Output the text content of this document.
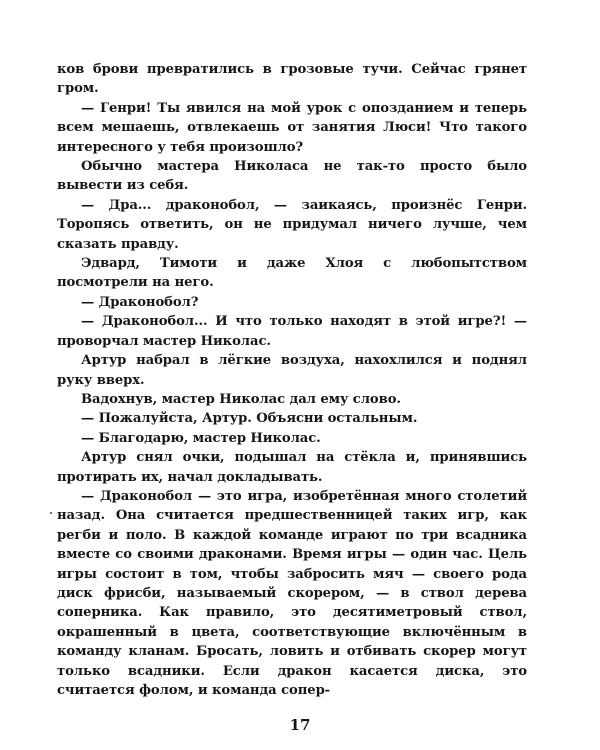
ков брови превратились в грозовые тучи. Сейчас грянет гром.

— Генри! Ты явился на мой урок с опозданием и теперь всем мешаешь, отвлекаешь от занятия Люси! Что такого интересного у тебя произошло?

Обычно мастера Николаса не так-то просто было вывести из себя.

— Дра... драконобол, — заикаясь, произнёс Генри. Торопясь ответить, он не придумал ничего лучше, чем сказать правду.

Эдвард, Тимоти и даже Хлоя с любопытством посмотрели на него.

— Драконобол?

— Драконобол... И что только находят в этой игре?! — проворчал мастер Николас.

Артур набрал в лёгкие воздуха, нахохлился и поднял руку вверх.

Вадохнув, мастер Николас дал ему слово.

— Пожалуйста, Артур. Объясни остальным.

— Благодарю, мастер Николас.

Артур снял очки, подышал на стёкла и, принявшись протирать их, начал докладывать.

— Драконобол — это игра, изобретённая много столетий назад. Она считается предшественницей таких игр, как регби и поло. В каждой команде играют по три всадника вместе со своими драконами. Время игры — один час. Цель игры состоит в том, чтобы забросить мяч — своего рода диск фрисби, называемый скорером, — в ствол дерева соперника. Как правило, это десятиметровый ствол, окрашенный в цвета, соответствующие включённым в команду кланам. Бросать, ловить и отбивать скорер могут только всадники. Если дракон касается диска, это считается фолом, и команда сопер-

17
